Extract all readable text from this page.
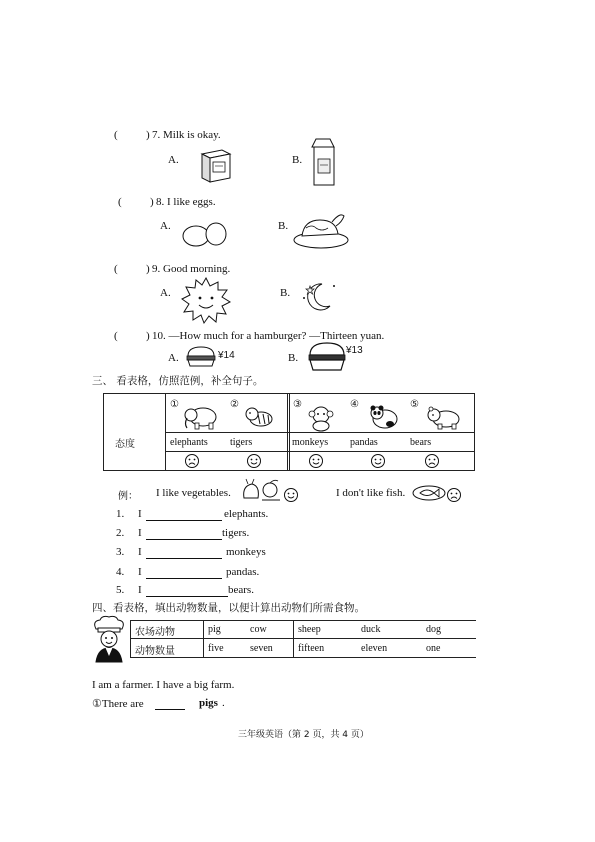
(	) 7. Milk is okay.
A.	B.
(	) 8. I like eggs.
A.	B.
(	) 9. Good morning.
A.	B.
(	) 10. —How much for a hamburger? —Thirteen yuan.
A.	¥14	B.
¥13
三、 看表格，仿照范例，补全句子。
态度
①	②	③	④	⑤
elephants tigers	monkeys pandas	bears
例： I like vegetables.	I don't like fish.
1. I	elephants.
2. I	tigers.
3. I	monkeys
4. I	pandas.
5. I	bears.
四、看表格，填出动物数量，以便计算出动物们所需食物。
农场动物
动物数量
pig	cow	sheep	duck	dog
five	seven	fifteen	eleven	one
I am a farmer. I have a big farm.
①There are	pigs .
三年级英语（第 2 页，共 4 页）
